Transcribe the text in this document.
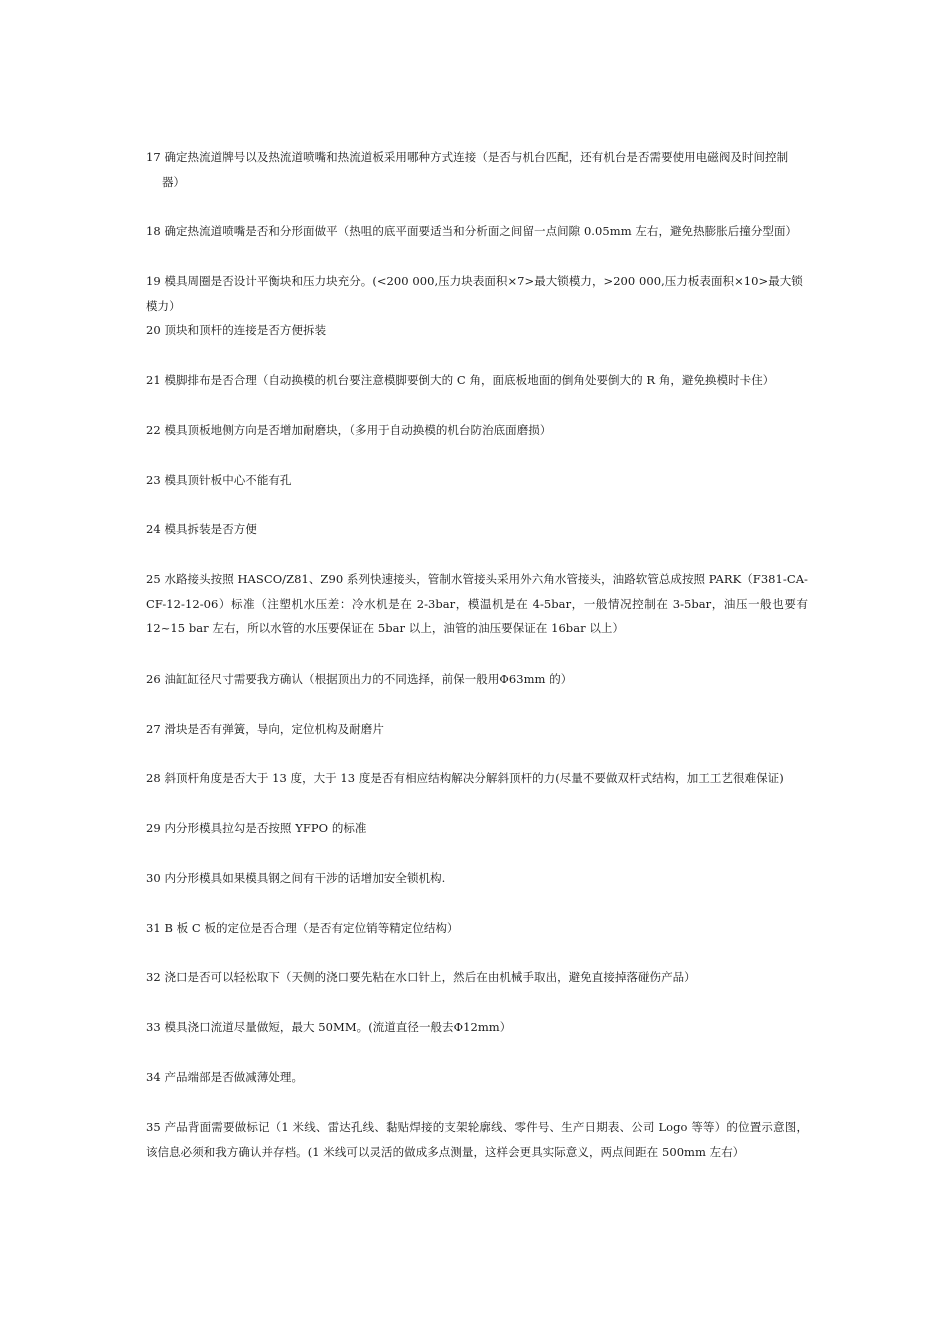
17 确定热流道牌号以及热流道喷嘴和热流道板采用哪种方式连接（是否与机台匹配，还有机台是否需要使用电磁阀及时间控制
器）
18 确定热流道喷嘴是否和分形面做平（热咀的底平面要适当和分析面之间留一点间隙 0.05mm 左右，避免热膨胀后撞分型面）
19 模具周圈是否设计平衡块和压力块充分。(<200 000,压力块表面积×7>最大锁模力，>200 000,压力板表面积×10>最大锁模力）
20 顶块和顶杆的连接是否方便拆装
21 模脚排布是否合理（自动换模的机台要注意模脚要倒大的 C 角，面底板地面的倒角处要倒大的 R 角，避免换模时卡住）
22 模具顶板地侧方向是否增加耐磨块，（多用于自动换模的机台防治底面磨损）
23 模具顶针板中心不能有孔
24 模具拆装是否方便
25 水路接头按照 HASCO/Z81、Z90 系列快速接头，管制水管接头采用外六角水管接头，油路软管总成按照 PARK（F381-CA-CF-12-12-06）标准（注塑机水压差：冷水机是在 2-3bar，模温机是在 4-5bar，一般情况控制在 3-5bar，油压一般也要有 12~15 bar 左右，所以水管的水压要保证在 5bar 以上，油管的油压要保证在 16bar 以上）
26 油缸缸径尺寸需要我方确认（根据顶出力的不同选择，前保一般用Φ63mm 的）
27 滑块是否有弹簧，导向，定位机构及耐磨片
28 斜顶杆角度是否大于 13 度，大于 13 度是否有相应结构解决分解斜顶杆的力(尽量不要做双杆式结构，加工工艺很难保证)
29 内分形模具拉勾是否按照 YFPO 的标准
30 内分形模具如果模具钢之间有干涉的话增加安全锁机构.
31 B 板 C 板的定位是否合理（是否有定位销等精定位结构）
32 浇口是否可以轻松取下（天侧的浇口要先粘在水口针上，然后在由机械手取出，避免直接掉落碰伤产品）
33 模具浇口流道尽量做短，最大 50MM。(流道直径一般去Φ12mm）
34 产品端部是否做减薄处理。
35 产品背面需要做标记（1 米线、雷达孔线、黏贴焊接的支架轮廓线、零件号、生产日期表、公司 Logo 等等）的位置示意图，该信息必须和我方确认并存档。(1 米线可以灵活的做成多点测量，这样会更具实际意义，两点间距在 500mm 左右）
